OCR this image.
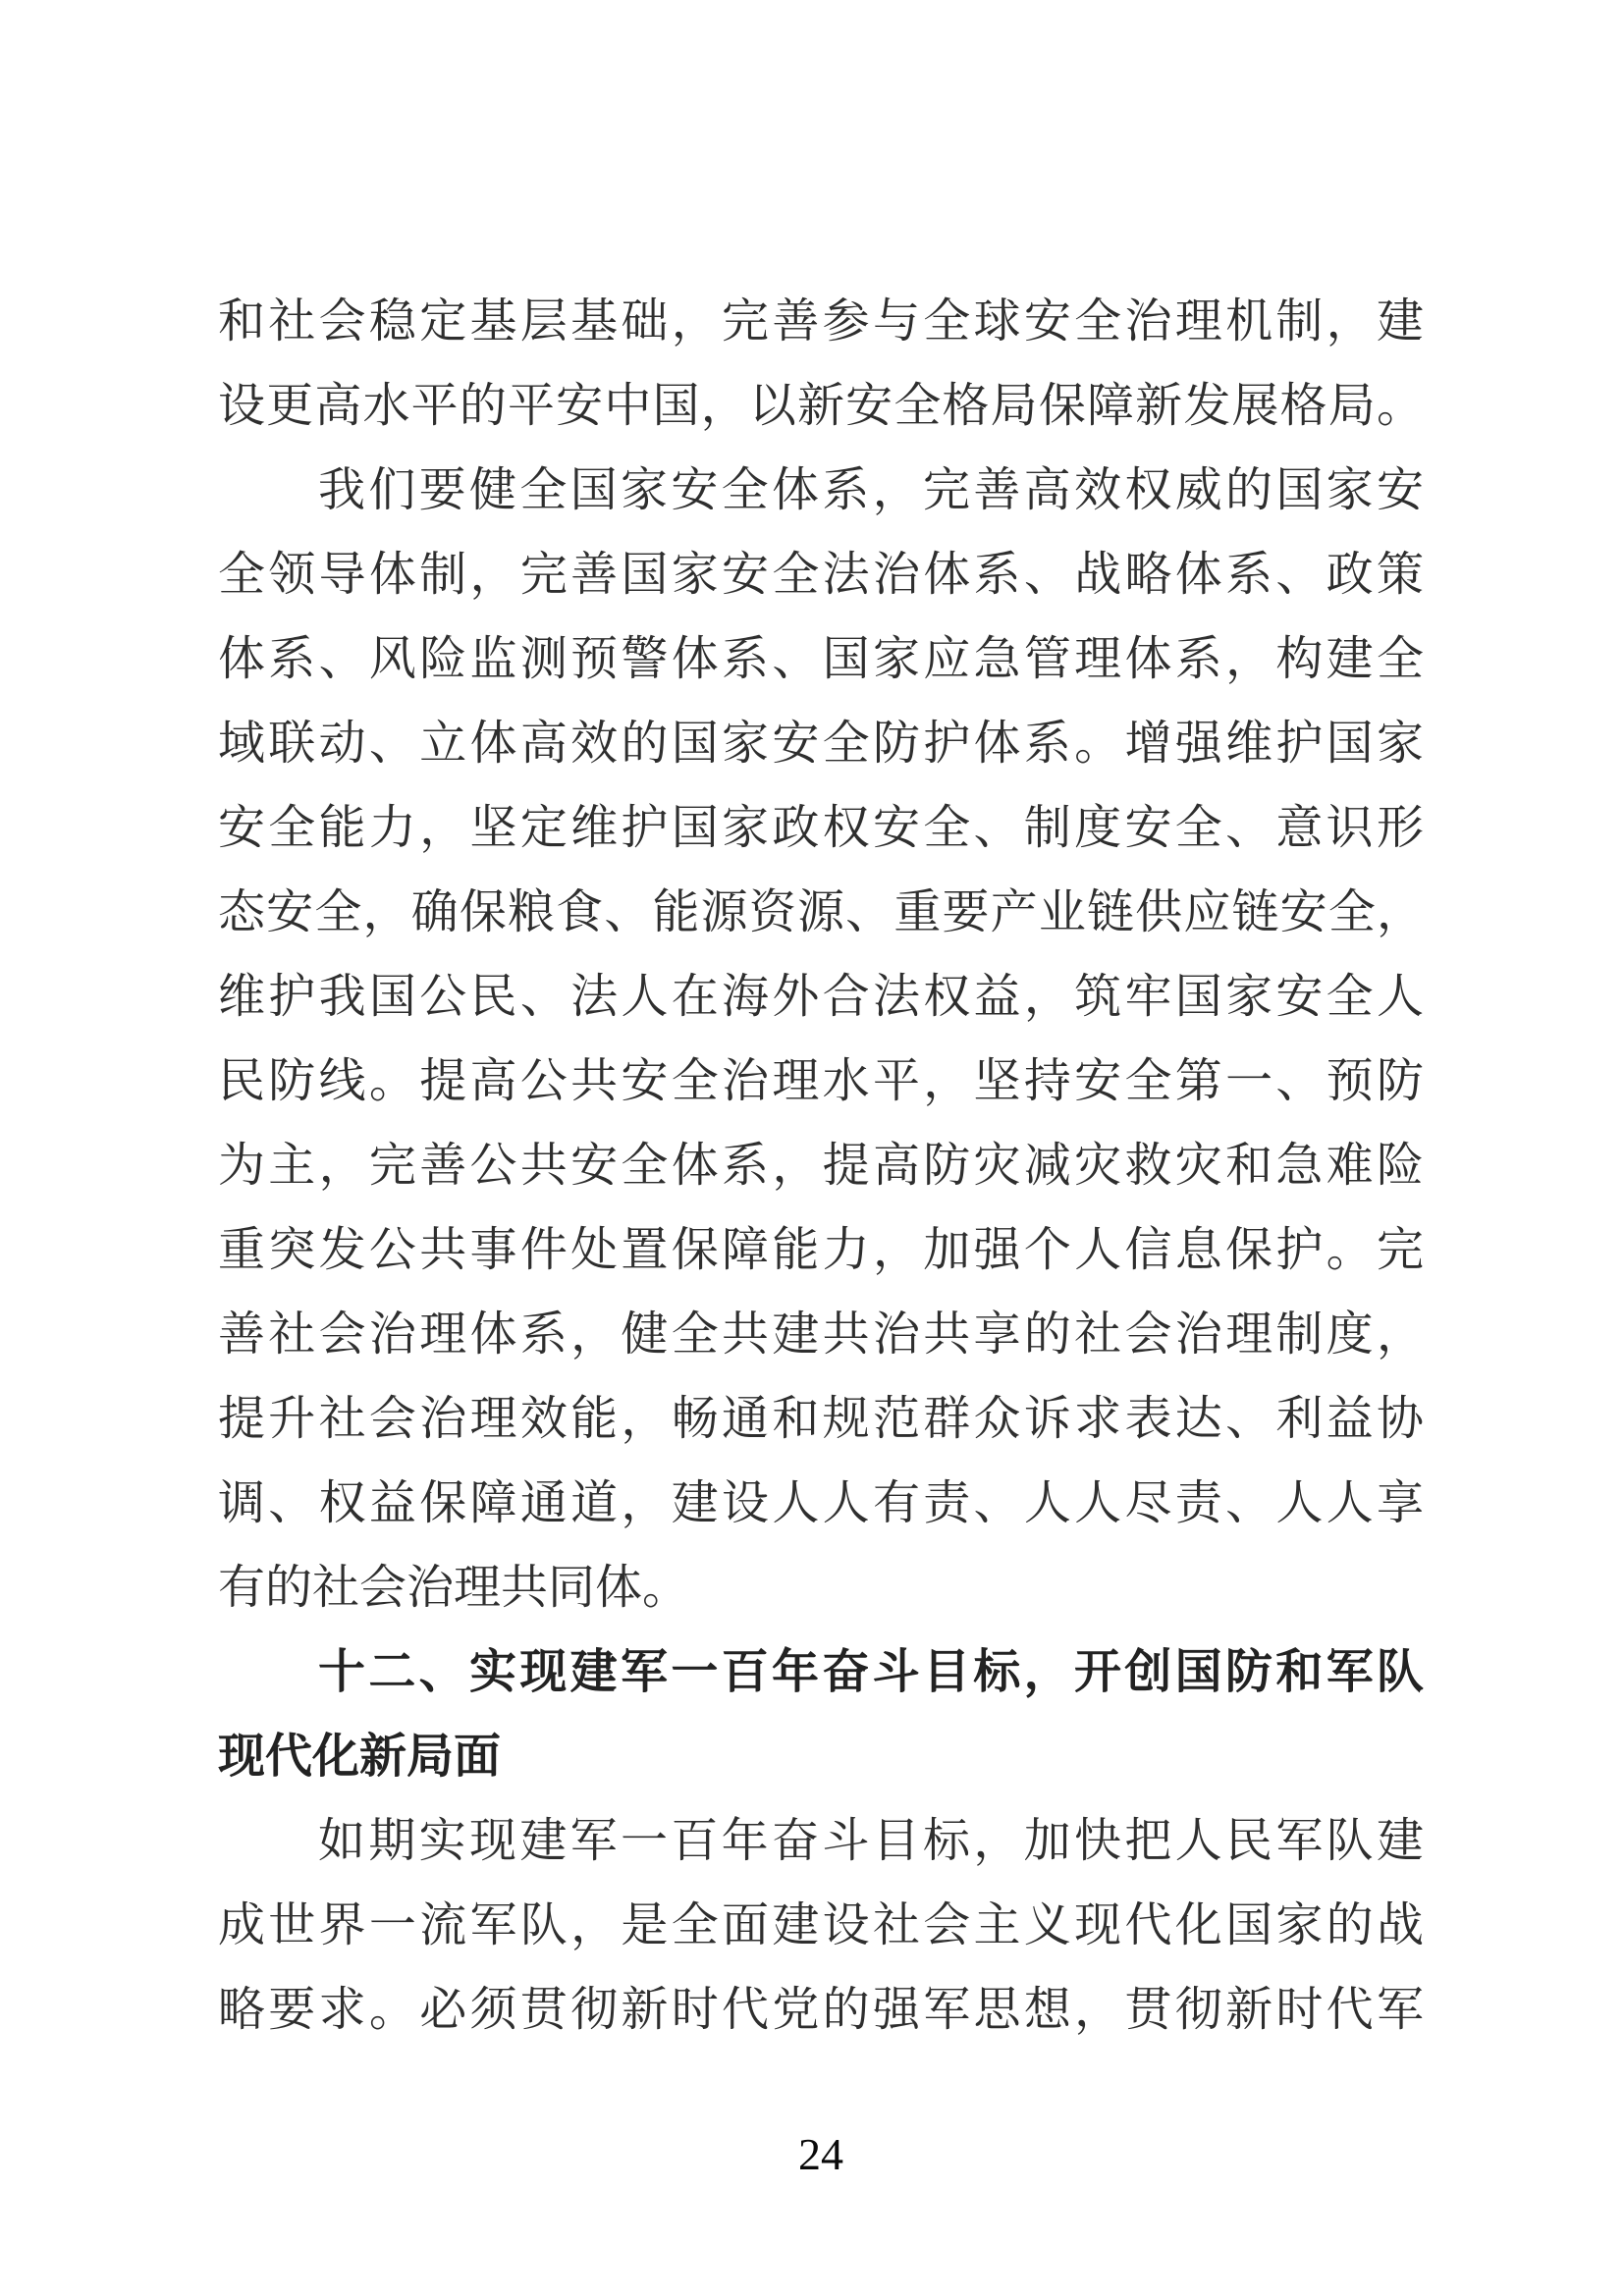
和社会稳定基层基础，完善参与全球安全治理机制，建
设更高水平的平安中国，以新安全格局保障新发展格局。
我们要健全国家安全体系，完善高效权威的国家安
全领导体制，完善国家安全法治体系、战略体系、政策
体系、风险监测预警体系、国家应急管理体系，构建全
域联动、立体高效的国家安全防护体系。增强维护国家
安全能力，坚定维护国家政权安全、制度安全、意识形
态安全，确保粮食、能源资源、重要产业链供应链安全，
维护我国公民、法人在海外合法权益，筑牢国家安全人
民防线。提高公共安全治理水平，坚持安全第一、预防
为主，完善公共安全体系，提高防灾减灾救灾和急难险
重突发公共事件处置保障能力，加强个人信息保护。完
善社会治理体系，健全共建共治共享的社会治理制度，
提升社会治理效能，畅通和规范群众诉求表达、利益协
调、权益保障通道，建设人人有责、人人尽责、人人享
有的社会治理共同体。
十二、实现建军一百年奋斗目标，开创国防和军队
现代化新局面
如期实现建军一百年奋斗目标，加快把人民军队建
成世界一流军队，是全面建设社会主义现代化国家的战
略要求。必须贯彻新时代党的强军思想，贯彻新时代军
24
